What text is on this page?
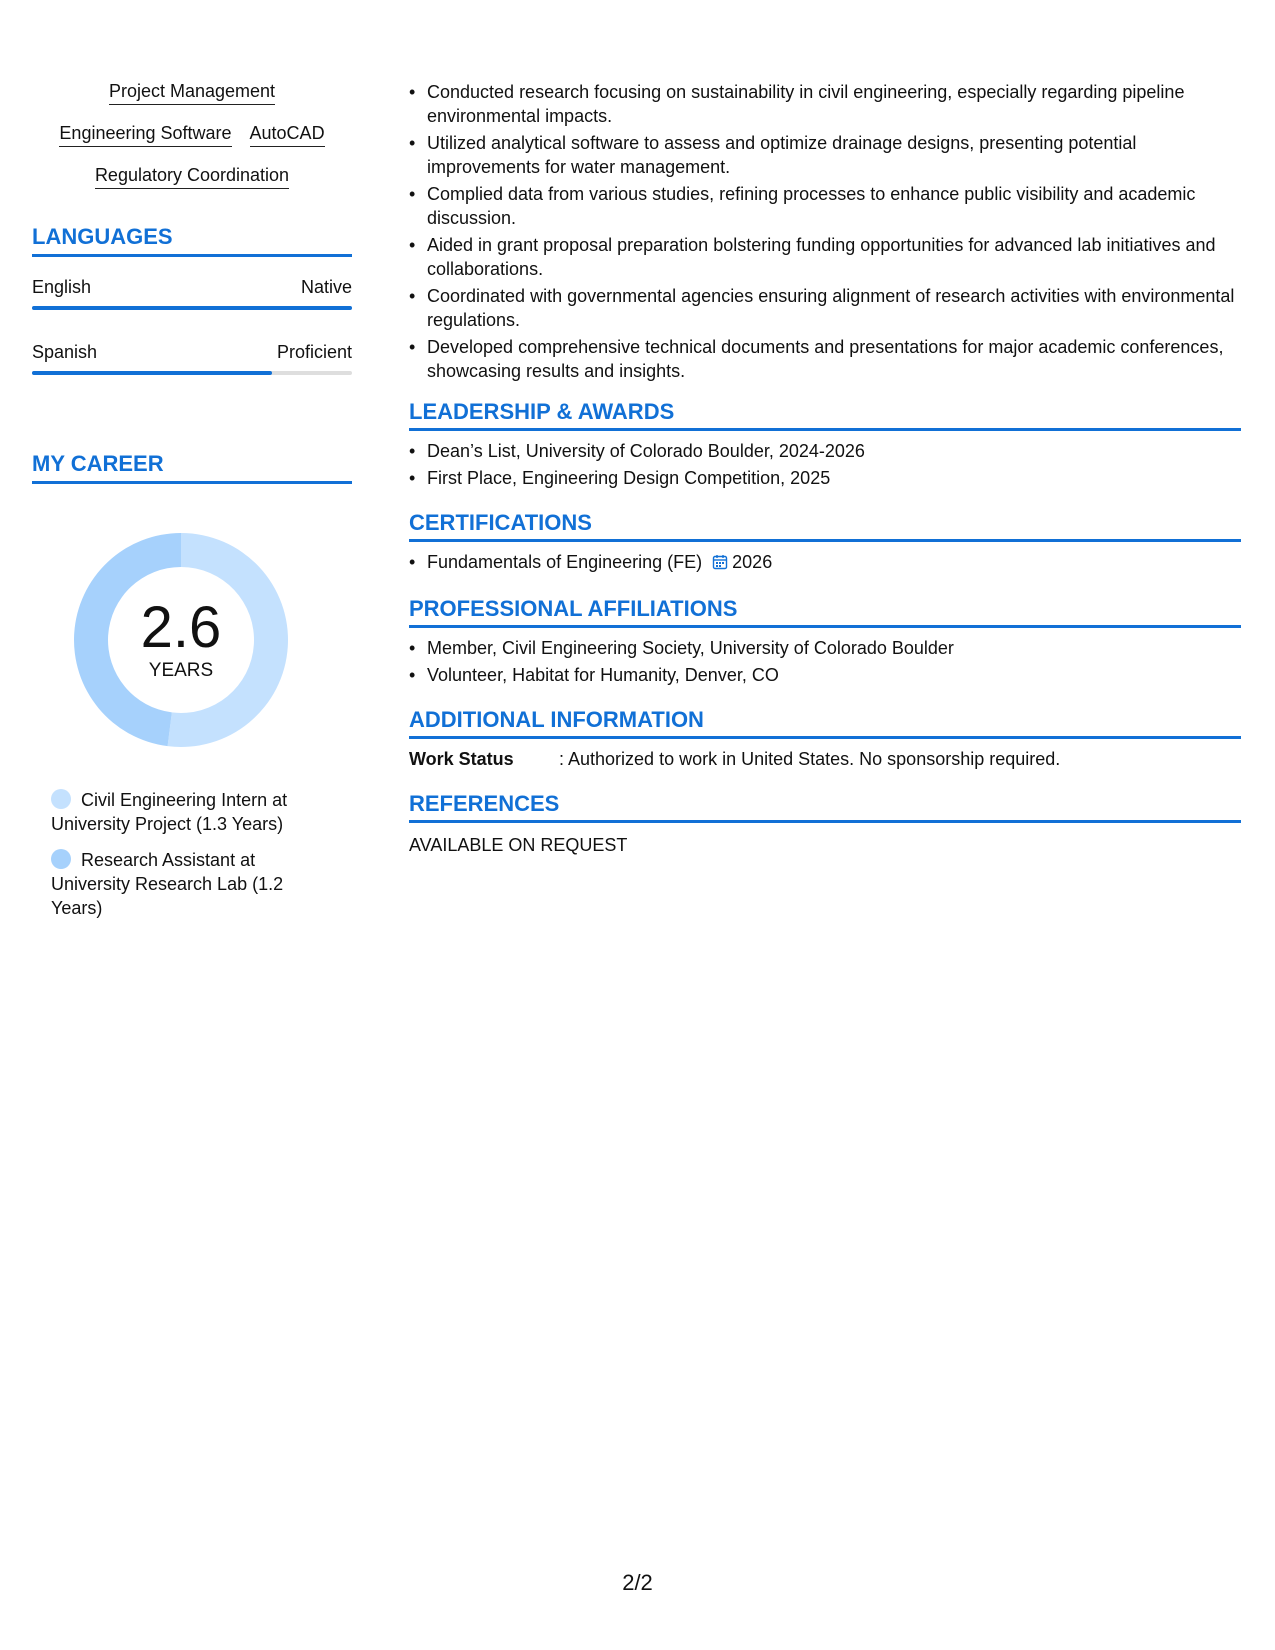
Project Management
Engineering Software AutoCAD
Regulatory Coordination
LANGUAGES
English	Native
Spanish	Proficient
MY CAREER
2.6
YEARS
Civil Engineering Intern at University Project (1.3 Years)
Research Assistant at University Research Lab (1.2 Years)
• Conducted research focusing on sustainability in civil engineering, especially regarding pipeline environmental impacts.
• Utilized analytical software to assess and optimize drainage designs, presenting potential improvements for water management.
• Complied data from various studies, refining processes to enhance public visibility and academic discussion.
• Aided in grant proposal preparation bolstering funding opportunities for advanced lab initiatives and collaborations.
• Coordinated with governmental agencies ensuring alignment of research activities with environmental regulations.
• Developed comprehensive technical documents and presentations for major academic conferences, showcasing results and insights.
LEADERSHIP & AWARDS
• Dean’s List, University of Colorado Boulder, 2024-2026
• First Place, Engineering Design Competition, 2025
CERTIFICATIONS
• Fundamentals of Engineering (FE) 2026
PROFESSIONAL AFFILIATIONS
• Member, Civil Engineering Society, University of Colorado Boulder
• Volunteer, Habitat for Humanity, Denver, CO
ADDITIONAL INFORMATION
Work Status	: Authorized to work in United States. No sponsorship required.
REFERENCES
AVAILABLE ON REQUEST
2/2
